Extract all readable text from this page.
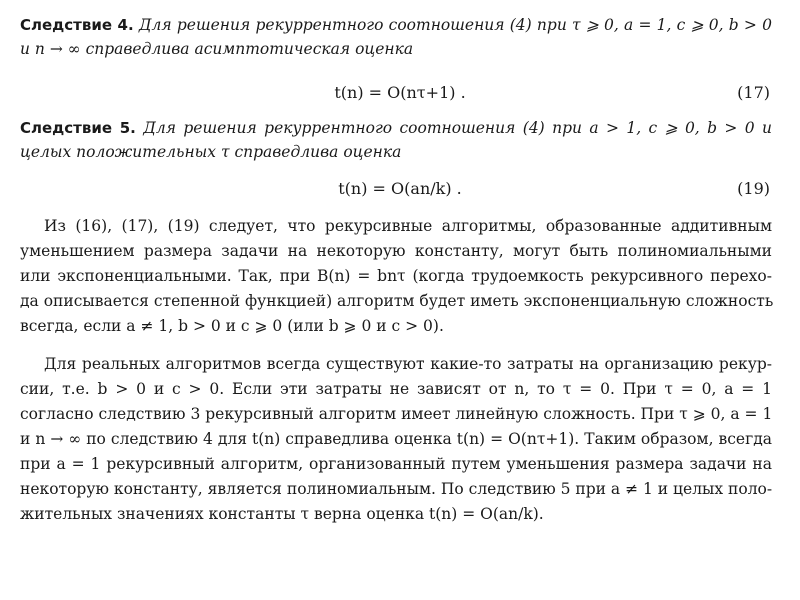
Следствие 4. Для решения рекуррентного соотношения (4) при τ ⩾ 0, a = 1, c ⩾ 0, b > 0
и n → ∞ справедлива асимптотическая оценка
t(n) = O(nτ+1) .	(17)
Следствие 5. Для решения рекуррентного соотношения (4) при a > 1, c ⩾ 0, b > 0 и
целых положительных τ справедлива оценка
t(n) = O(an/k) .	(19)
Из (16), (17), (19) следует, что рекурсивные алгоритмы, образованные аддитивным
уменьшением размера задачи на некоторую константу, могут быть полиномиальными
или экспоненциальными. Так, при B(n) = bnτ (когда трудоемкость рекурсивного перехо-
да описывается степенной функцией) алгоритм будет иметь экспоненциальную сложность
всегда, если a ≠ 1, b > 0 и c ⩾ 0 (или b ⩾ 0 и c > 0).
Для реальных алгоритмов всегда существуют какие-то затраты на организацию рекур-
сии, т.е. b > 0 и c > 0. Если эти затраты не зависят от n, то τ = 0. При τ = 0, a = 1
согласно следствию 3 рекурсивный алгоритм имеет линейную сложность. При τ ⩾ 0, a = 1
и n → ∞ по следствию 4 для t(n) справедлива оценка t(n) = O(nτ+1). Таким образом, всегда
при a = 1 рекурсивный алгоритм, организованный путем уменьшения размера задачи на
некоторую константу, является полиномиальным. По следствию 5 при a ≠ 1 и целых поло-
жительных значениях константы τ верна оценка t(n) = O(an/k).
